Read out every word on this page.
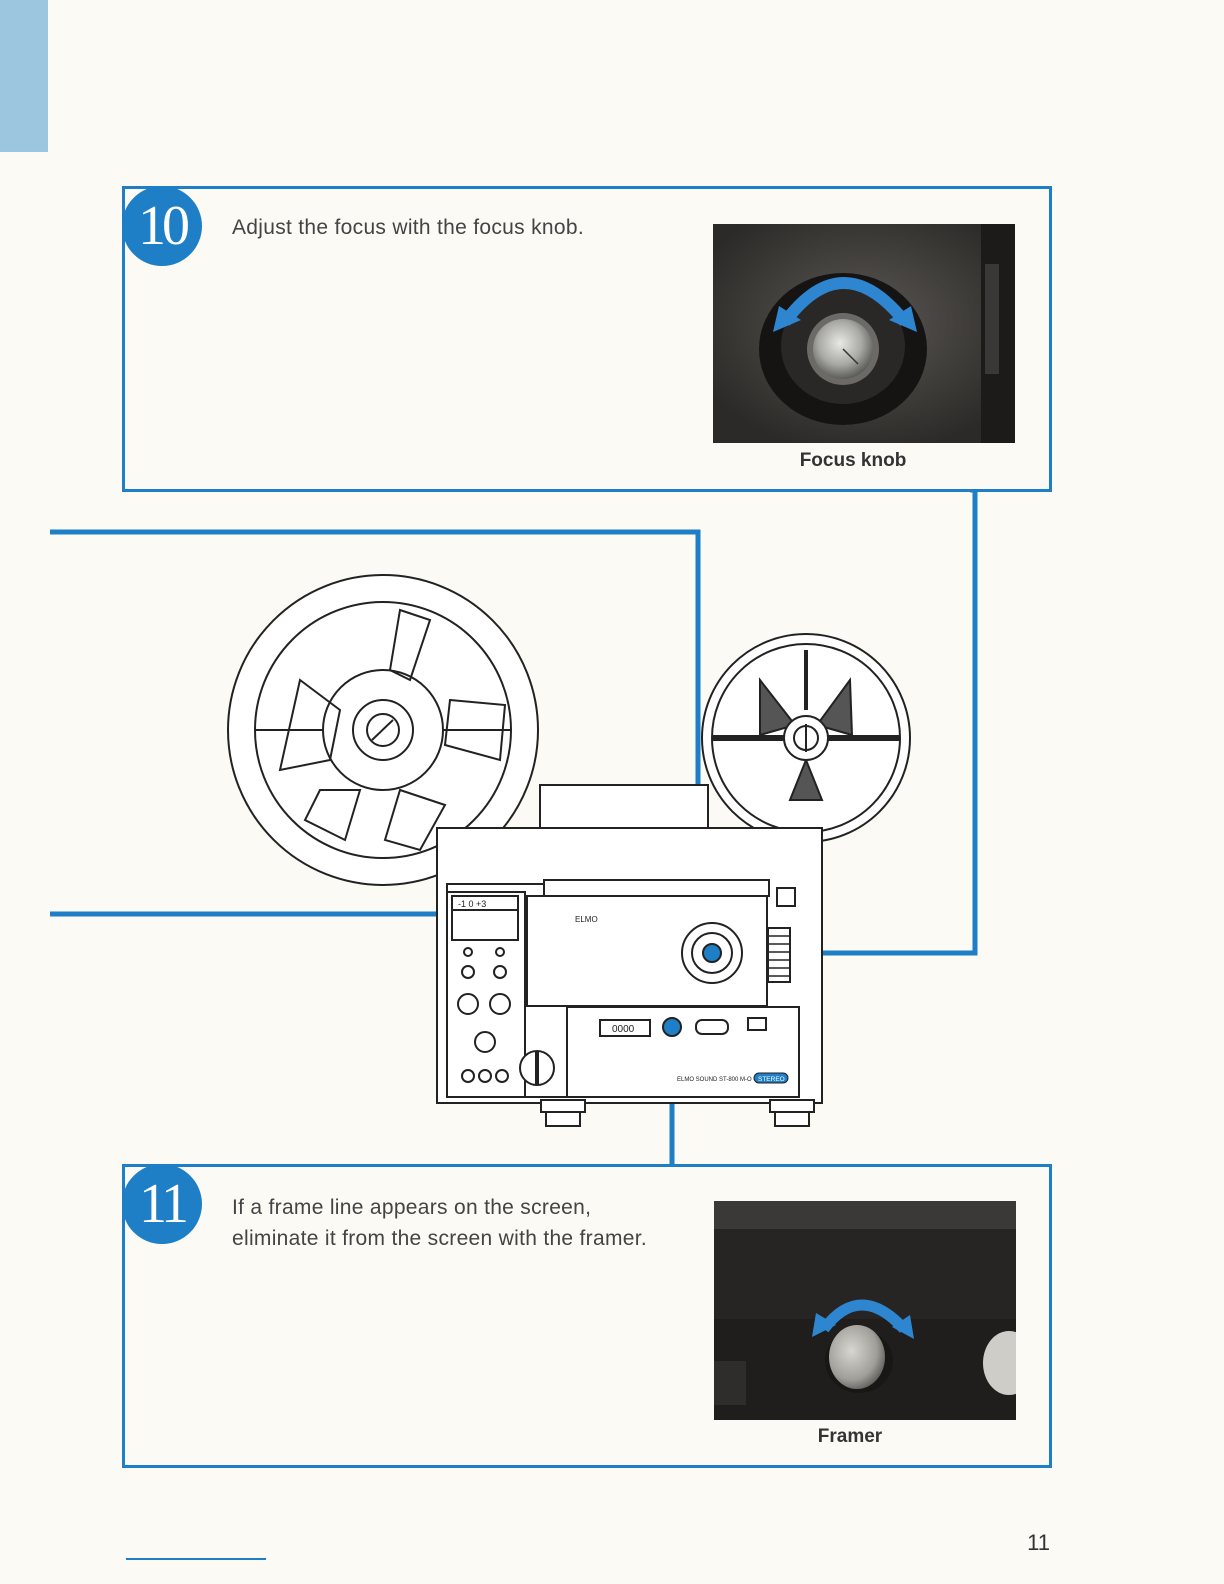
ELMO
-1 0 +3
0000
ELMO SOUND ST-800 M-O STEREO
10	Adjust the focus with the focus knob.
Focus knob
11	If a frame line appears on the screen, eliminate it from the screen with the framer.
Framer
11
